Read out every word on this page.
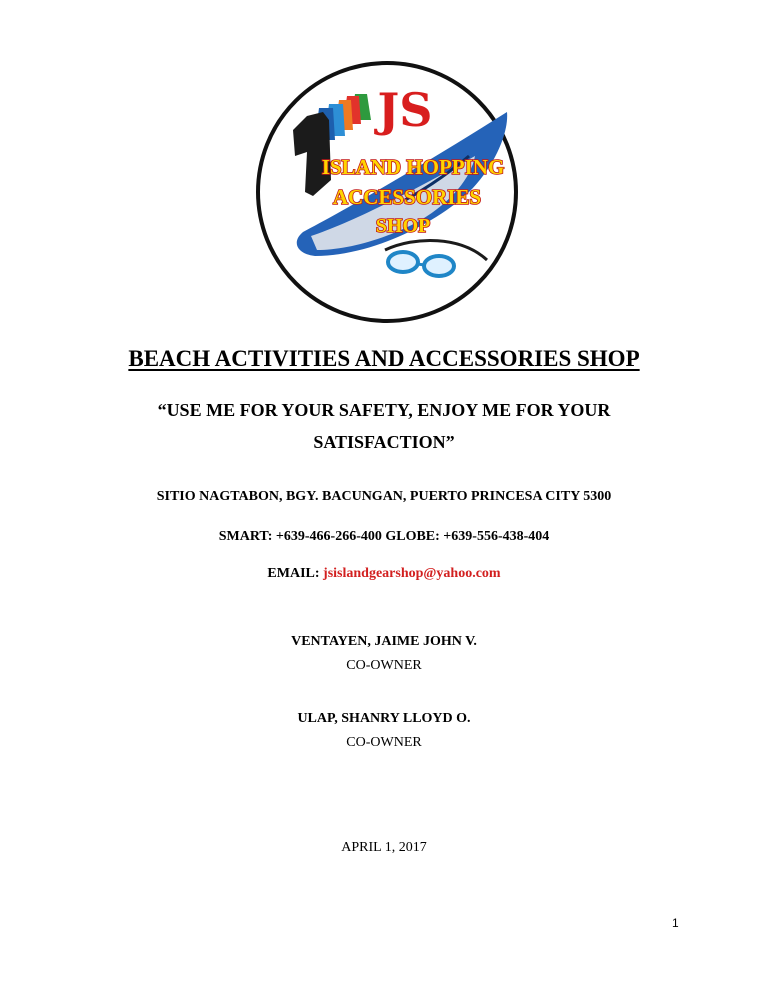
JS
ISLAND HOPPING
ACCESSORIES
SHOP
BEACH ACTIVITIES AND ACCESSORIES SHOP
“USE ME FOR YOUR SAFETY, ENJOY ME FOR YOUR
SATISFACTION”
SITIO NAGTABON, BGY. BACUNGAN, PUERTO PRINCESA CITY 5300
SMART: +639-466-266-400 GLOBE: +639-556-438-404
EMAIL: jsislandgearshop@yahoo.com
VENTAYEN, JAIME JOHN V.
CO-OWNER
ULAP, SHANRY LLOYD O.
CO-OWNER
APRIL 1, 2017
1
